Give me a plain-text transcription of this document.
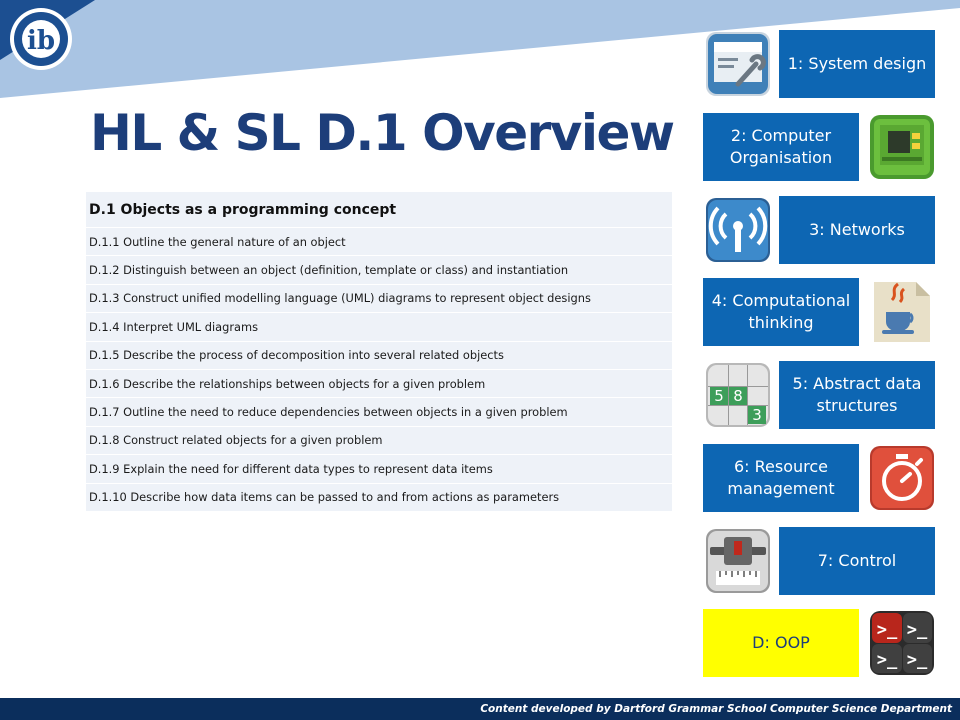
ib
HL & SL D.1 Overview
D.1 Objects as a programming concept
D.1.1 Outline the general nature of an object
D.1.2 Distinguish between an object (definition, template or class) and instantiation
D.1.3 Construct unified modelling language (UML) diagrams to represent object designs
D.1.4 Interpret UML diagrams
D.1.5 Describe the process of decomposition into several related objects
D.1.6 Describe the relationships between objects for a given problem
D.1.7 Outline the need to reduce dependencies between objects in a given problem
D.1.8 Construct related objects for a given problem
D.1.9 Explain the need for different data types to represent data items
D.1.10 Describe how data items can be passed to and from actions as parameters
1: System design
2: Computer Organisation
3: Networks
4: Computational thinking
5 8
3
5: Abstract data structures
6: Resource management
7: Control
D: OOP
>_ >_
>_ >_
Content developed by Dartford Grammar School Computer Science Department
